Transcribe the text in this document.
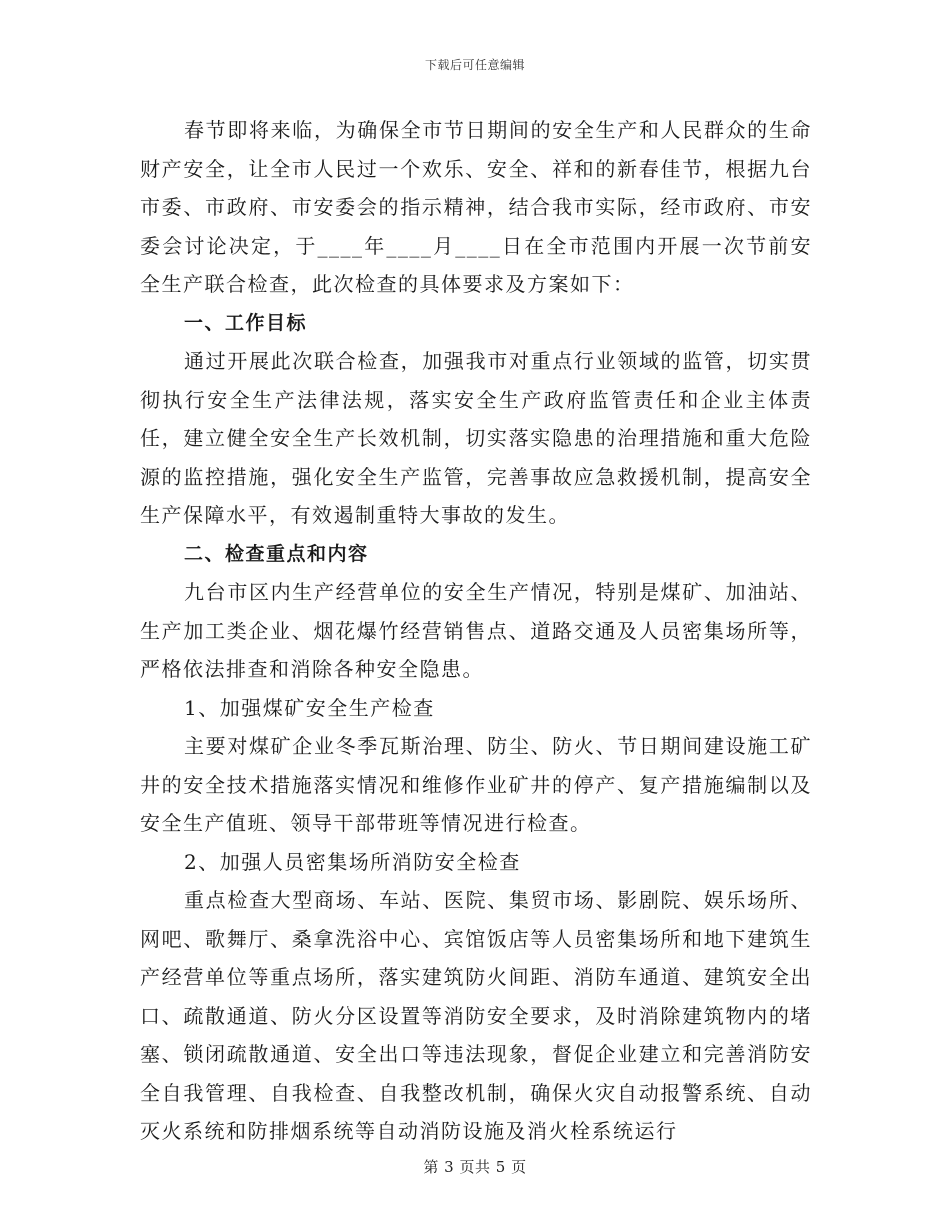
下载后可任意编辑

春节即将来临，为确保全市节日期间的安全生产和人民群众的生命财产安全，让全市人民过一个欢乐、安全、祥和的新春佳节，根据九台市委、市政府、市安委会的指示精神，结合我市实际，经市政府、市安委会讨论决定，于____年____月____日在全市范围内开展一次节前安全生产联合检查，此次检查的具体要求及方案如下：

一、工作目标

通过开展此次联合检查，加强我市对重点行业领域的监管，切实贯彻执行安全生产法律法规，落实安全生产政府监管责任和企业主体责任，建立健全安全生产长效机制，切实落实隐患的治理措施和重大危险源的监控措施，强化安全生产监管，完善事故应急救援机制，提高安全生产保障水平，有效遏制重特大事故的发生。

二、检查重点和内容

九台市区内生产经营单位的安全生产情况，特别是煤矿、加油站、生产加工类企业、烟花爆竹经营销售点、道路交通及人员密集场所等，严格依法排查和消除各种安全隐患。

1、加强煤矿安全生产检查

主要对煤矿企业冬季瓦斯治理、防尘、防火、节日期间建设施工矿井的安全技术措施落实情况和维修作业矿井的停产、复产措施编制以及安全生产值班、领导干部带班等情况进行检查。

2、加强人员密集场所消防安全检查

重点检查大型商场、车站、医院、集贸市场、影剧院、娱乐场所、网吧、歌舞厅、桑拿洗浴中心、宾馆饭店等人员密集场所和地下建筑生产经营单位等重点场所，落实建筑防火间距、消防车通道、建筑安全出口、疏散通道、防火分区设置等消防安全要求，及时消除建筑物内的堵塞、锁闭疏散通道、安全出口等违法现象，督促企业建立和完善消防安全自我管理、自我检查、自我整改机制，确保火灾自动报警系统、自动灭火系统和防排烟系统等自动消防设施及消火栓系统运行

第 3 页共 5 页
